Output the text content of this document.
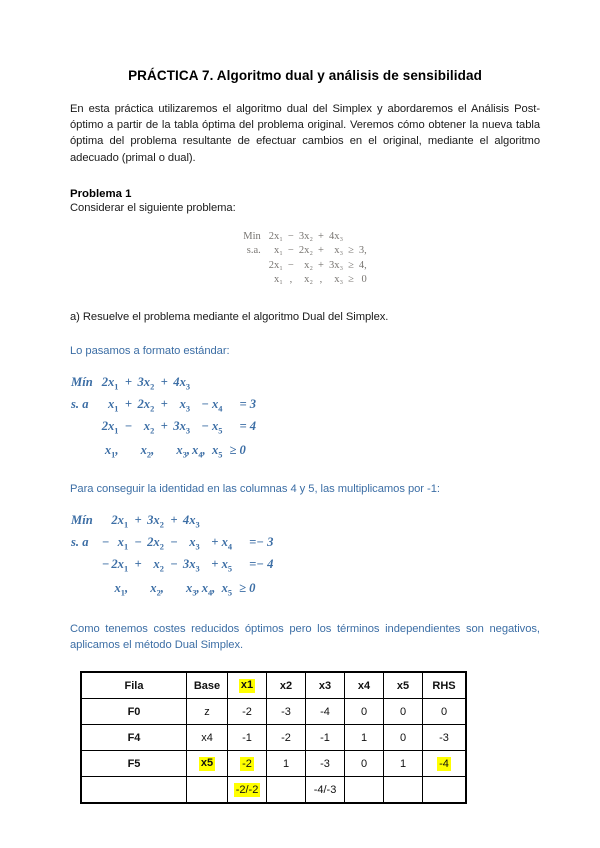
PRÁCTICA 7. Algoritmo dual y análisis de sensibilidad

En esta práctica utilizaremos el algoritmo dual del Simplex y abordaremos el Análisis Post-óptimo a partir de la tabla óptima del problema original. Veremos cómo obtener la nueva tabla óptima del problema resultante de efectuar cambios en el original, mediante el algoritmo adecuado (primal o dual).

Problema 1

Considerar el siguiente problema:

Min	2x₁	−	3x₂	+	4x₃		
s.a.	x₁	−	2x₂	+	x₃	≥	3,
	2x₁	−	x₂	+	3x₃	≥	4,
	x₁	,	x₂	,	x₃	≥	0

a) Resuelve el problema mediante el algoritmo Dual del Simplex.

Lo pasamos a formato estándar:

Mín	$2x_1$	+	$3x_2$	+	$4x_3$		
s. a	$x_1$	+	$2x_2$	+	$x_3$	− $x_4$	= 3
	$2x_1$	−	$x_2$	+	$3x_3$	− $x_5$	= 4
	$x_1$,		$x_2$,		$x_3$,	$x_4$,  $x_5$	≥ 0

Para conseguir la identidad en las columnas 4 y 5, las multiplicamos por -1:

Mín		$2x_1$	+	$3x_2$	+	$4x_3$		
s. a	−	$x_1$	−	$2x_2$	−	$x_3$	+ $x_4$	=− 3
	−	$2x_1$	+	$x_2$	−	$3x_3$	+ $x_5$	=− 4
		$x_1$,		$x_2$,		$x_3$,	$x_4$,  $x_5$	≥ 0

Como tenemos costes reducidos óptimos pero los términos independientes son negativos, aplicamos el método Dual Simplex.

Fila	Base	x1	x2	x3	x4	x5	RHS
F0	z	-2	-3	-4	0	0	0
F4	x4	-1	-2	-1	1	0	-3
F5	x5	-2	1	-3	0	1	-4
		-2/-2		-4/-3			
